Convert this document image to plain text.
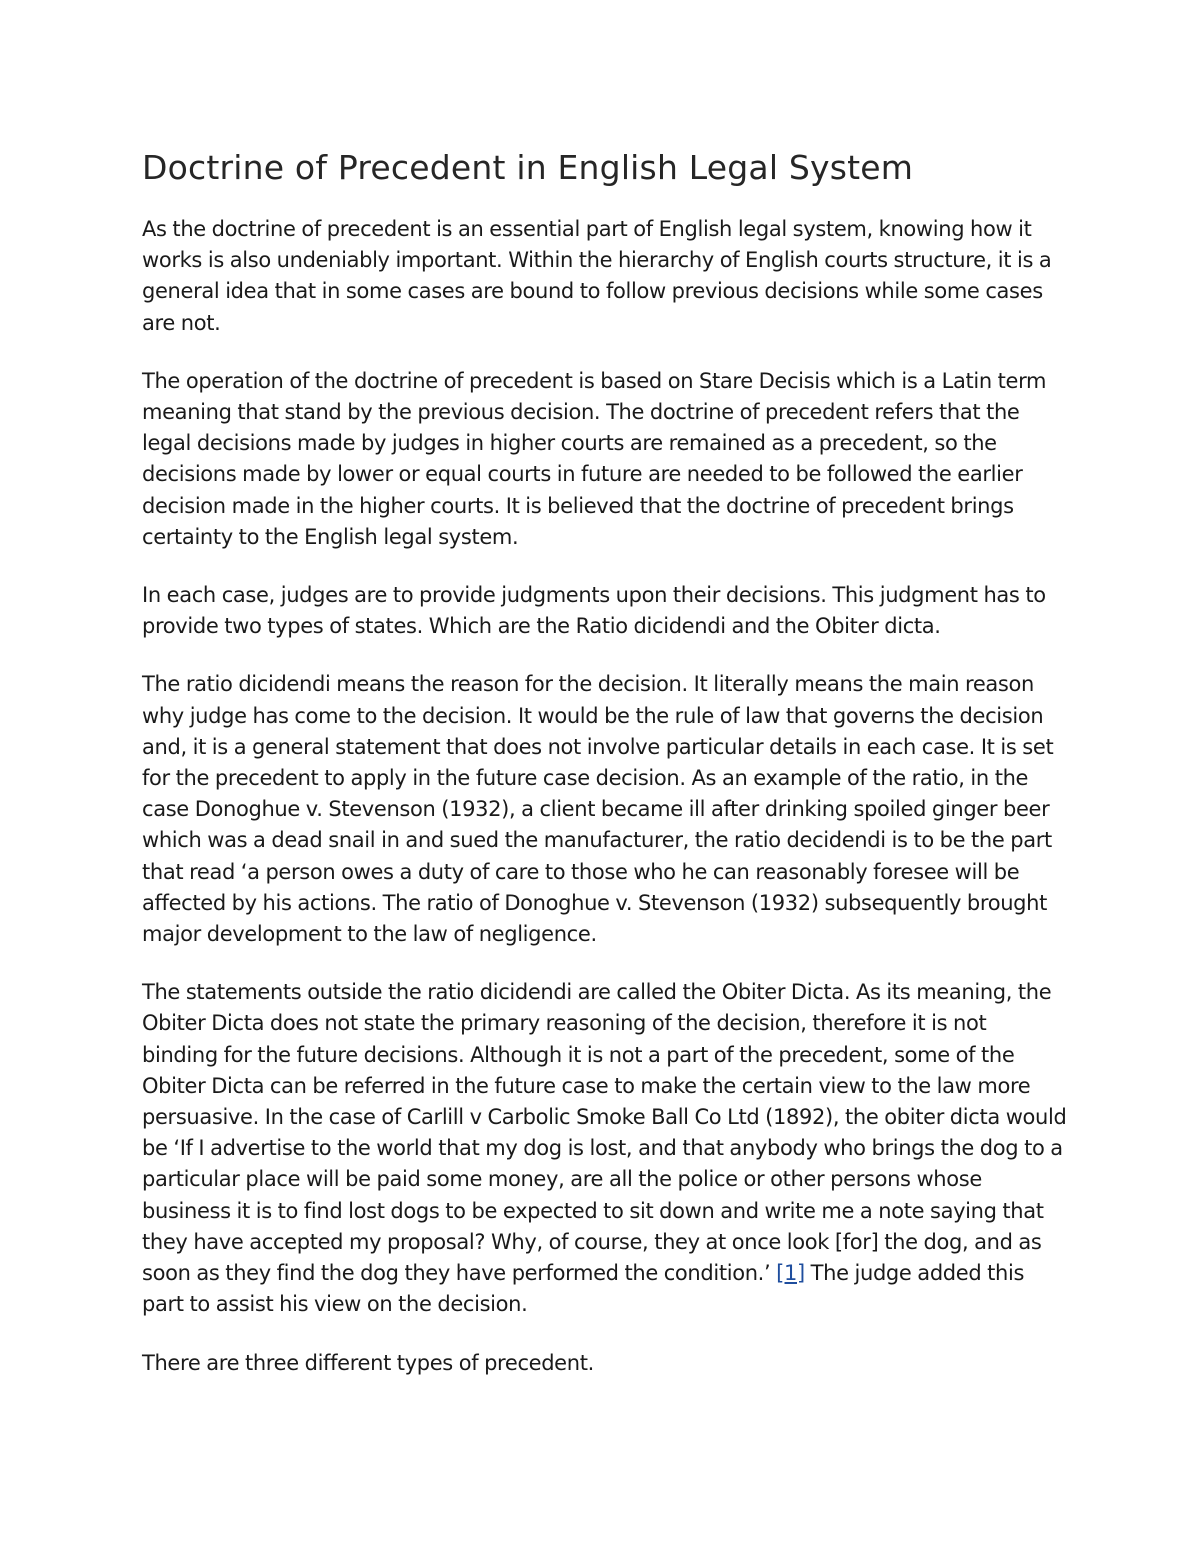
Doctrine of Precedent in English Legal System

As the doctrine of precedent is an essential part of English legal system, knowing how it works is also undeniably important. Within the hierarchy of English courts structure, it is a general idea that in some cases are bound to follow previous decisions while some cases are not.

The operation of the doctrine of precedent is based on Stare Decisis which is a Latin term meaning that stand by the previous decision. The doctrine of precedent refers that the legal decisions made by judges in higher courts are remained as a precedent, so the decisions made by lower or equal courts in future are needed to be followed the earlier decision made in the higher courts. It is believed that the doctrine of precedent brings certainty to the English legal system.

In each case, judges are to provide judgments upon their decisions. This judgment has to provide two types of states. Which are the Ratio dicidendi and the Obiter dicta.

The ratio dicidendi means the reason for the decision. It literally means the main reason why judge has come to the decision. It would be the rule of law that governs the decision and, it is a general statement that does not involve particular details in each case. It is set for the precedent to apply in the future case decision. As an example of the ratio, in the case Donoghue v. Stevenson (1932), a client became ill after drinking spoiled ginger beer which was a dead snail in and sued the manufacturer, the ratio decidendi is to be the part that read ‘a person owes a duty of care to those who he can reasonably foresee will be affected by his actions. The ratio of Donoghue v. Stevenson (1932) subsequently brought major development to the law of negligence.

The statements outside the ratio dicidendi are called the Obiter Dicta. As its meaning, the Obiter Dicta does not state the primary reasoning of the decision, therefore it is not binding for the future decisions. Although it is not a part of the precedent, some of the Obiter Dicta can be referred in the future case to make the certain view to the law more persuasive. In the case of Carlill v Carbolic Smoke Ball Co Ltd (1892), the obiter dicta would be ‘If I advertise to the world that my dog is lost, and that anybody who brings the dog to a particular place will be paid some money, are all the police or other persons whose business it is to find lost dogs to be expected to sit down and write me a note saying that they have accepted my proposal? Why, of course, they at once look [for] the dog, and as soon as they find the dog they have performed the condition.’ [1] The judge added this part to assist his view on the decision.

There are three different types of precedent.
